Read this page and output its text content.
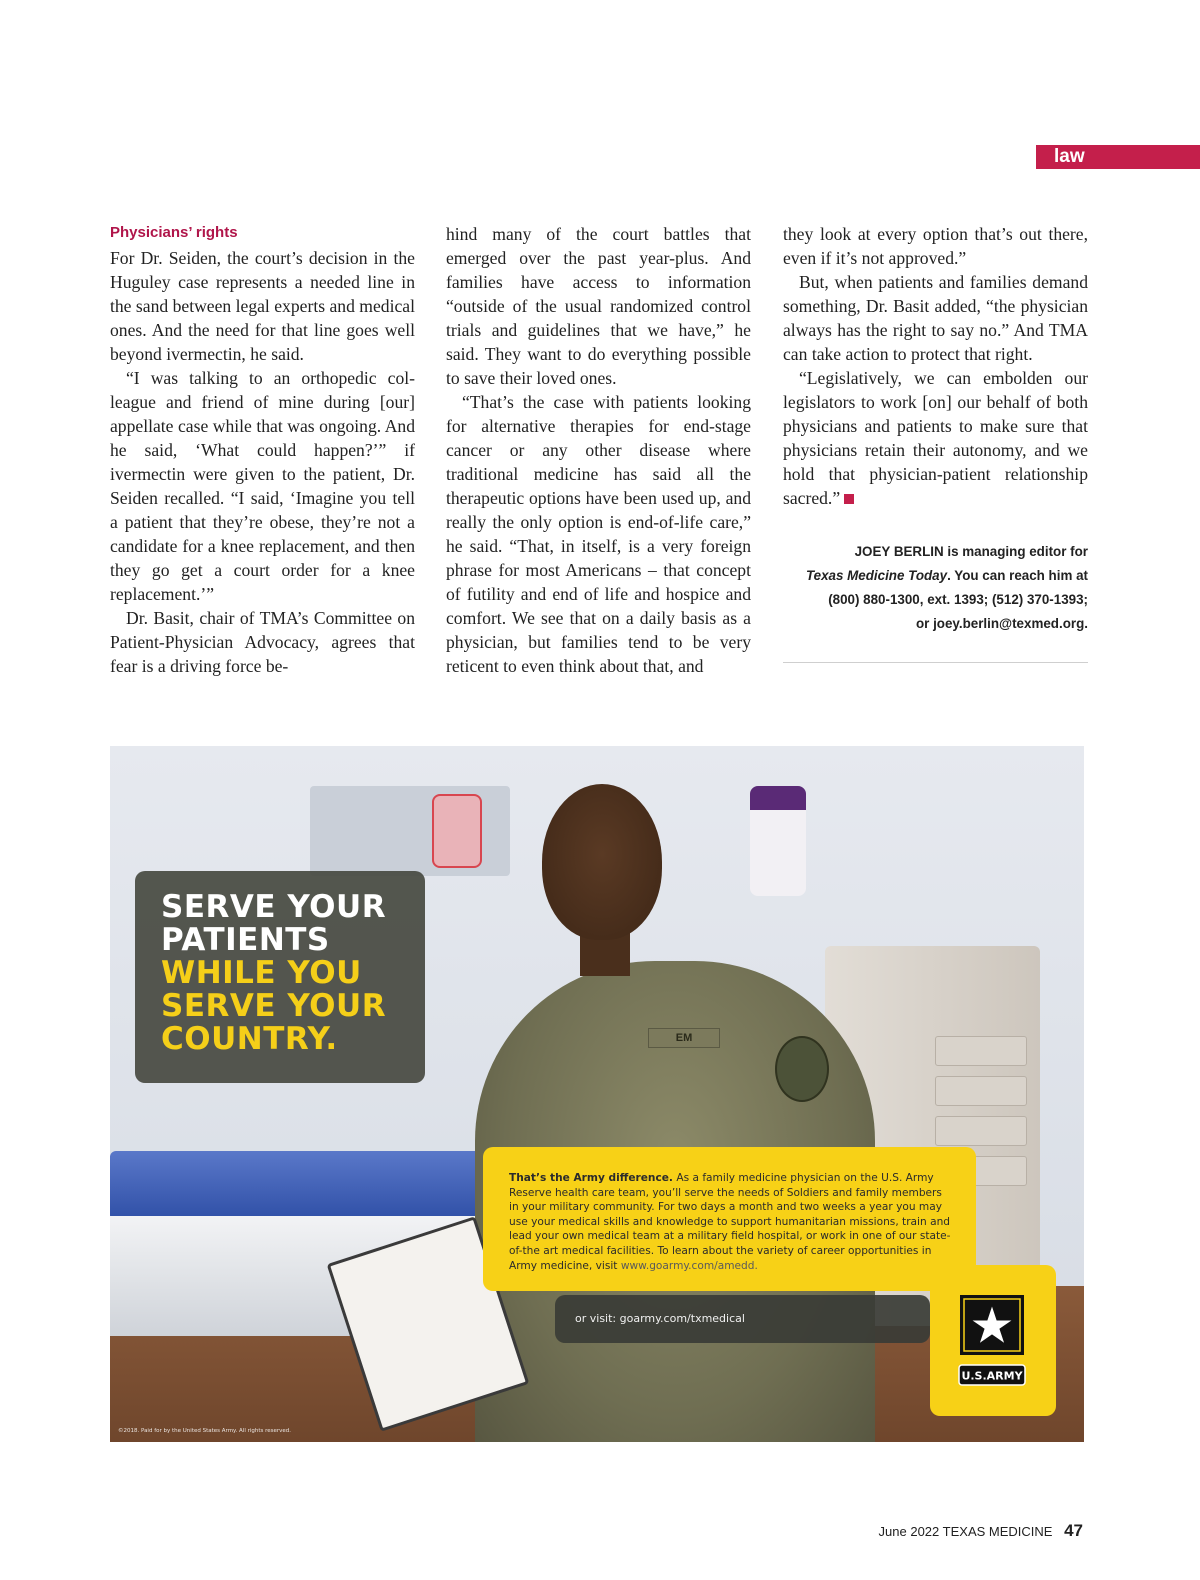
law
Physicians’ rights

For Dr. Seiden, the court’s decision in the Huguley case represents a needed line in the sand between legal experts and medical ones. And the need for that line goes well beyond ivermectin, he said.

“I was talking to an orthopedic colleague and friend of mine during [our] appellate case while that was ongoing. And he said, ‘What could happen?’” if ivermectin were given to the patient, Dr. Seiden recalled. “I said, ‘Imagine you tell a patient that they’re obese, they’re not a candidate for a knee replacement, and then they go get a court order for a knee replacement.’”

Dr. Basit, chair of TMA’s Committee on Patient-Physician Advocacy, agrees that fear is a driving force be-

hind many of the court battles that emerged over the past year-plus. And families have access to information “outside of the usual randomized control trials and guidelines that we have,” he said. They want to do everything possible to save their loved ones.

“That’s the case with patients looking for alternative therapies for end-stage cancer or any other disease where traditional medicine has said all the therapeutic options have been used up, and really the only option is end-of-life care,” he said. “That, in itself, is a very foreign phrase for most Americans – that concept of futility and end of life and hospice and comfort. We see that on a daily basis as a physician, but families tend to be very reticent to even think about that, and

they look at every option that’s out there, even if it’s not approved.”

But, when patients and families demand something, Dr. Basit added, “the physician always has the right to say no.” And TMA can take action to protect that right.

“Legislatively, we can embolden our legislators to work [on] our behalf of both physicians and patients to make sure that physicians retain their autonomy, and we hold that physician-patient relationship sacred.”

JOEY BERLIN is managing editor for
Texas Medicine Today. You can reach him at
(800) 880-1300, ext. 1393; (512) 370-1393;
or joey.berlin@texmed.org.
EM
SERVE YOUR
PATIENTS
WHILE YOU
SERVE YOUR
COUNTRY.
That’s the Army difference. As a family medicine physician on the U.S. Army Reserve health care team, you’ll serve the needs of Soldiers and family members in your military community. For two days a month and two weeks a year you may use your medical skills and knowledge to support humanitarian missions, train and lead your own medical team at a military field hospital, or work in one of our state-of-the art medical facilities. To learn about the variety of career opportunities in Army medicine, visit www.goarmy.com/amedd.
or visit: goarmy.com/txmedical
U.S.ARMY
©2018. Paid for by the United States Army. All rights reserved.
June 2022 TEXAS MEDICINE 47
